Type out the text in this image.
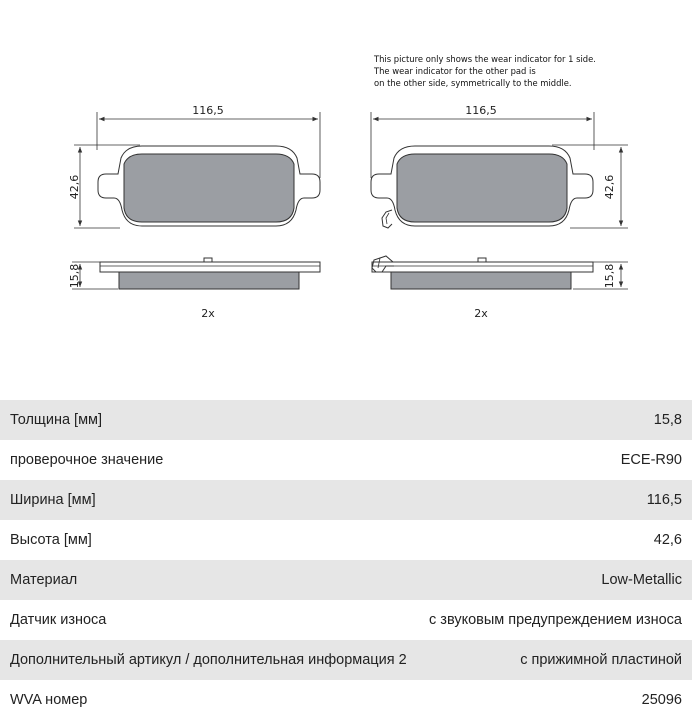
This picture only shows the wear indicator for 1 side.
The wear indicator for the other pad is
on the other side, symmetrically to the middle.
116,5
42,6
15,8
2x
116,5
42,6
15,8
2x
Толщина [мм]	15,8
проверочное значение	ECE-R90
Ширина [мм]	116,5
Высота [мм]	42,6
Материал	Low-Metallic
Датчик износа	с звуковым предупреждением износа
Дополнительный артикул / дополнительная информация 2	с прижимной пластиной
WVA номер	25096
